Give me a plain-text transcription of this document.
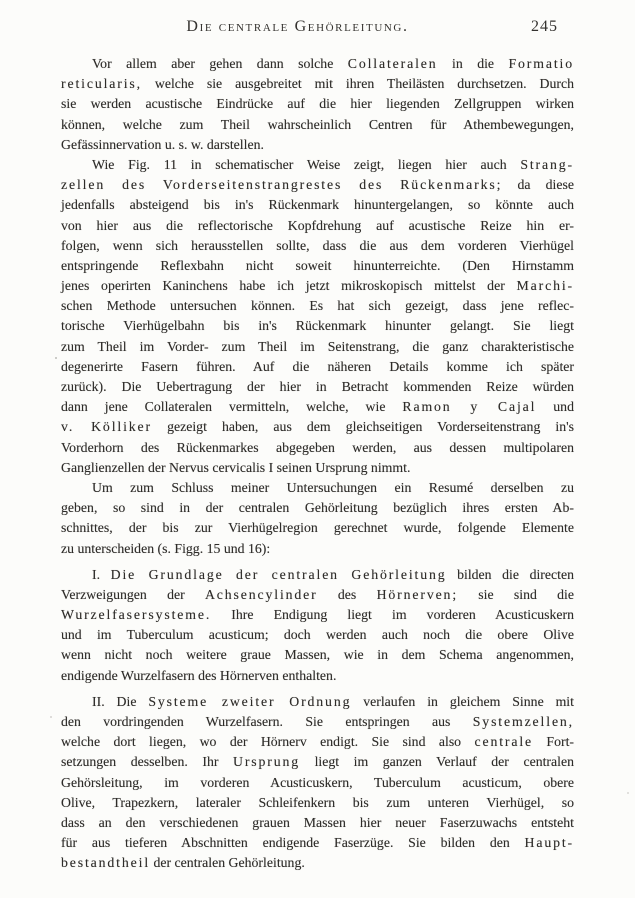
Die centrale Gehörleitung.	245
Vor allem aber gehen dann solche Collateralen in die Formatio
reticularis, welche sie ausgebreitet mit ihren Theilästen durchsetzen. Durch
sie werden acustische Eindrücke auf die hier liegenden Zellgruppen wirken
können, welche zum Theil wahrscheinlich Centren für Athembewegungen,
Gefässinnervation u. s. w. darstellen.
Wie Fig. 11 in schematischer Weise zeigt, liegen hier auch Strang-
zellen des Vorderseitenstrangrestes des Rückenmarks; da diese
jedenfalls absteigend bis in's Rückenmark hinuntergelangen, so könnte auch
von hier aus die reflectorische Kopfdrehung auf acustische Reize hin er-
folgen, wenn sich herausstellen sollte, dass die aus dem vorderen Vierhügel
entspringende Reflexbahn nicht soweit hinunterreichte. (Den Hirnstamm
jenes operirten Kaninchens habe ich jetzt mikroskopisch mittelst der Marchi-
schen Methode untersuchen können. Es hat sich gezeigt, dass jene reflec-
torische Vierhügelbahn bis in's Rückenmark hinunter gelangt. Sie liegt
zum Theil im Vorder- zum Theil im Seitenstrang, die ganz charakteristische
degenerirte Fasern führen. Auf die näheren Details komme ich später
zurück). Die Uebertragung der hier in Betracht kommenden Reize würden
dann jene Collateralen vermitteln, welche, wie Ramon y Cajal und
v. Kölliker gezeigt haben, aus dem gleichseitigen Vorderseitenstrang in's
Vorderhorn des Rückenmarkes abgegeben werden, aus dessen multipolaren
Ganglienzellen der Nervus cervicalis I seinen Ursprung nimmt.
Um zum Schluss meiner Untersuchungen ein Resumé derselben zu
geben, so sind in der centralen Gehörleitung bezüglich ihres ersten Ab-
schnittes, der bis zur Vierhügelregion gerechnet wurde, folgende Elemente
zu unterscheiden (s. Figg. 15 und 16):
I. Die Grundlage der centralen Gehörleitung bilden die directen
Verzweigungen der Achsencylinder des Hörnerven; sie sind die
Wurzelfasersysteme. Ihre Endigung liegt im vorderen Acusticuskern
und im Tuberculum acusticum; doch werden auch noch die obere Olive
wenn nicht noch weitere graue Massen, wie in dem Schema angenommen,
endigende Wurzelfasern des Hörnerven enthalten.
II. Die Systeme zweiter Ordnung verlaufen in gleichem Sinne mit
den vordringenden Wurzelfasern. Sie entspringen aus Systemzellen,
welche dort liegen, wo der Hörnerv endigt. Sie sind also centrale Fort-
setzungen desselben. Ihr Ursprung liegt im ganzen Verlauf der centralen
Gehörsleitung, im vorderen Acusticuskern, Tuberculum acusticum, obere
Olive, Trapezkern, lateraler Schleifenkern bis zum unteren Vierhügel, so
dass an den verschiedenen grauen Massen hier neuer Faserzuwachs entsteht
für aus tieferen Abschnitten endigende Faserzüge. Sie bilden den Haupt-
bestandtheil der centralen Gehörleitung.
